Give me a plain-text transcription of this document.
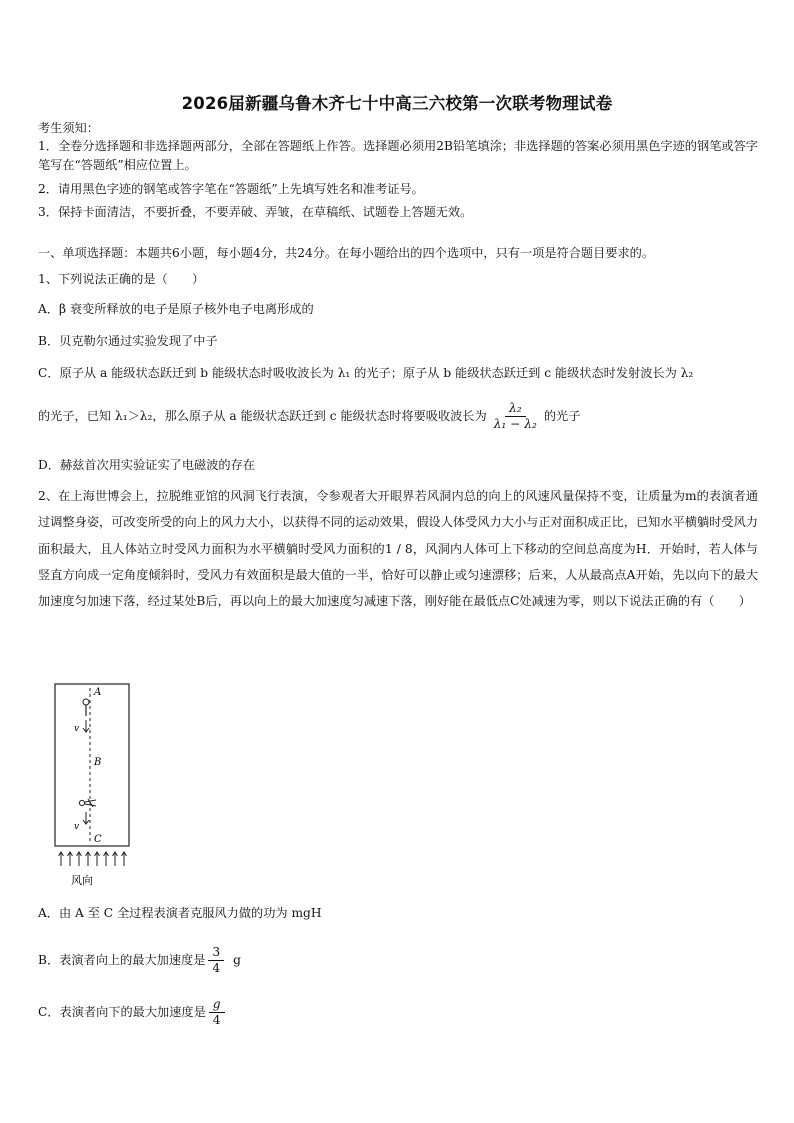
2026届新疆乌鲁木齐七十中高三六校第一次联考物理试卷
考生须知：
1．全卷分选择题和非选择题两部分，全部在答题纸上作答。选择题必须用2B铅笔填涂；非选择题的答案必须用黑色字迹的钢笔或答字笔写在“答题纸”相应位置上。
2．请用黑色字迹的钢笔或答字笔在“答题纸”上先填写姓名和准考证号。
3．保持卡面清洁，不要折叠，不要弄破、弄皱，在草稿纸、试题卷上答题无效。
一、单项选择题：本题共6小题，每小题4分，共24分。在每小题给出的四个选项中，只有一项是符合题目要求的。
1、下列说法正确的是（　　）
A．β 衰变所释放的电子是原子核外电子电离形成的
B．贝克勒尔通过实验发现了中子
C．原子从 a 能级状态跃迁到 b 能级状态时吸收波长为 λ₁ 的光子；原子从 b 能级状态跃迁到 c 能级状态时发射波长为 λ₂
的光子，已知 λ₁＞λ₂，那么原子从 a 能级状态跃迁到 c 能级状态时将要吸收波长为 $\frac{\text{λ₂}}{\text{λ₁ − λ₂}}$ 的光子
D．赫兹首次用实验证实了电磁波的存在
2、在上海世博会上，拉脱维亚馆的风洞飞行表演，令参观者大开眼界若风洞内总的向上的风速风量保持不变，让质量为m的表演者通过调整身姿，可改变所受的向上的风力大小，以获得不同的运动效果，假设人体受风力大小与正对面积成正比，已知水平横躺时受风力面积最大，且人体站立时受风力面积为水平横躺时受风力面积的1 / 8，风洞内人体可上下移动的空间总高度为H．开始时，若人体与竖直方向成一定角度倾斜时，受风力有效面积是最大值的一半，恰好可以静止或匀速漂移；后来，人从最高点A开始，先以向下的最大加速度匀加速下落，经过某处B后，再以向上的最大加速度匀减速下落，刚好能在最低点C处减速为零，则以下说法正确的有（　　）
A
v
B
v
C
风向
A．由 A 至 C 全过程表演者克服风力做的功为 mgH
B．表演者向上的最大加速度是 $\frac{3}{4}$ g
C．表演者向下的最大加速度是 $\frac{g}{4}$
